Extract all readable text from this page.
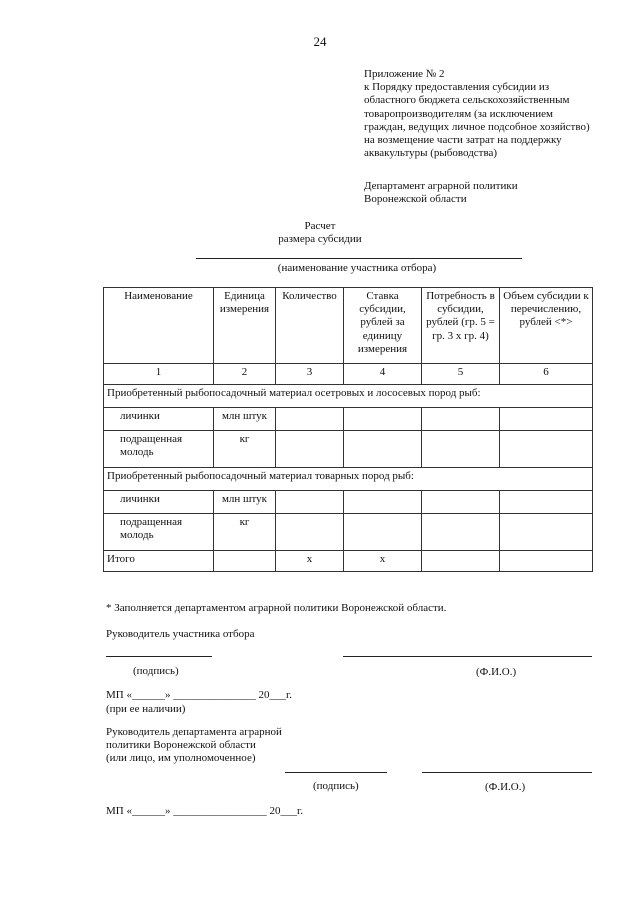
24
Приложение № 2
к Порядку предоставления субсидии из
областного бюджета сельскохозяйственным
товаропроизводителям (за исключением
граждан, ведущих личное подсобное хозяйство)
на возмещение части затрат на поддержку
аквакультуры (рыбоводства)
Департамент аграрной политики
Воронежской области
Расчет
размера субсидии
(наименование участника отбора)
Наименование	Единица измерения	Количество	Ставка субсидии, рублей за единицу измерения	Потребность в субсидии, рублей (гр. 5 = гр. 3 x гр. 4)	Объем субсидии к перечислению, рублей <*>
1	2	3	4	5	6
Приобретенный рыбопосадочный материал осетровых и лососевых пород рыб:					
личинки	млн штук				
подращенная молодь	кг				
Приобретенный рыбопосадочный материал товарных пород рыб:					
личинки	млн штук				
подращенная молодь	кг				
Итого		x	x		
* Заполняется департаментом аграрной политики Воронежской области.
Руководитель участника отбора
(подпись)	(Ф.И.О.)
МП «______» _______________ 20___г.
(при ее наличии)
Руководитель департамента аграрной
политики Воронежской области
(или лицо, им уполномоченное)
(подпись)	(Ф.И.О.)
МП «______» _________________ 20___г.
